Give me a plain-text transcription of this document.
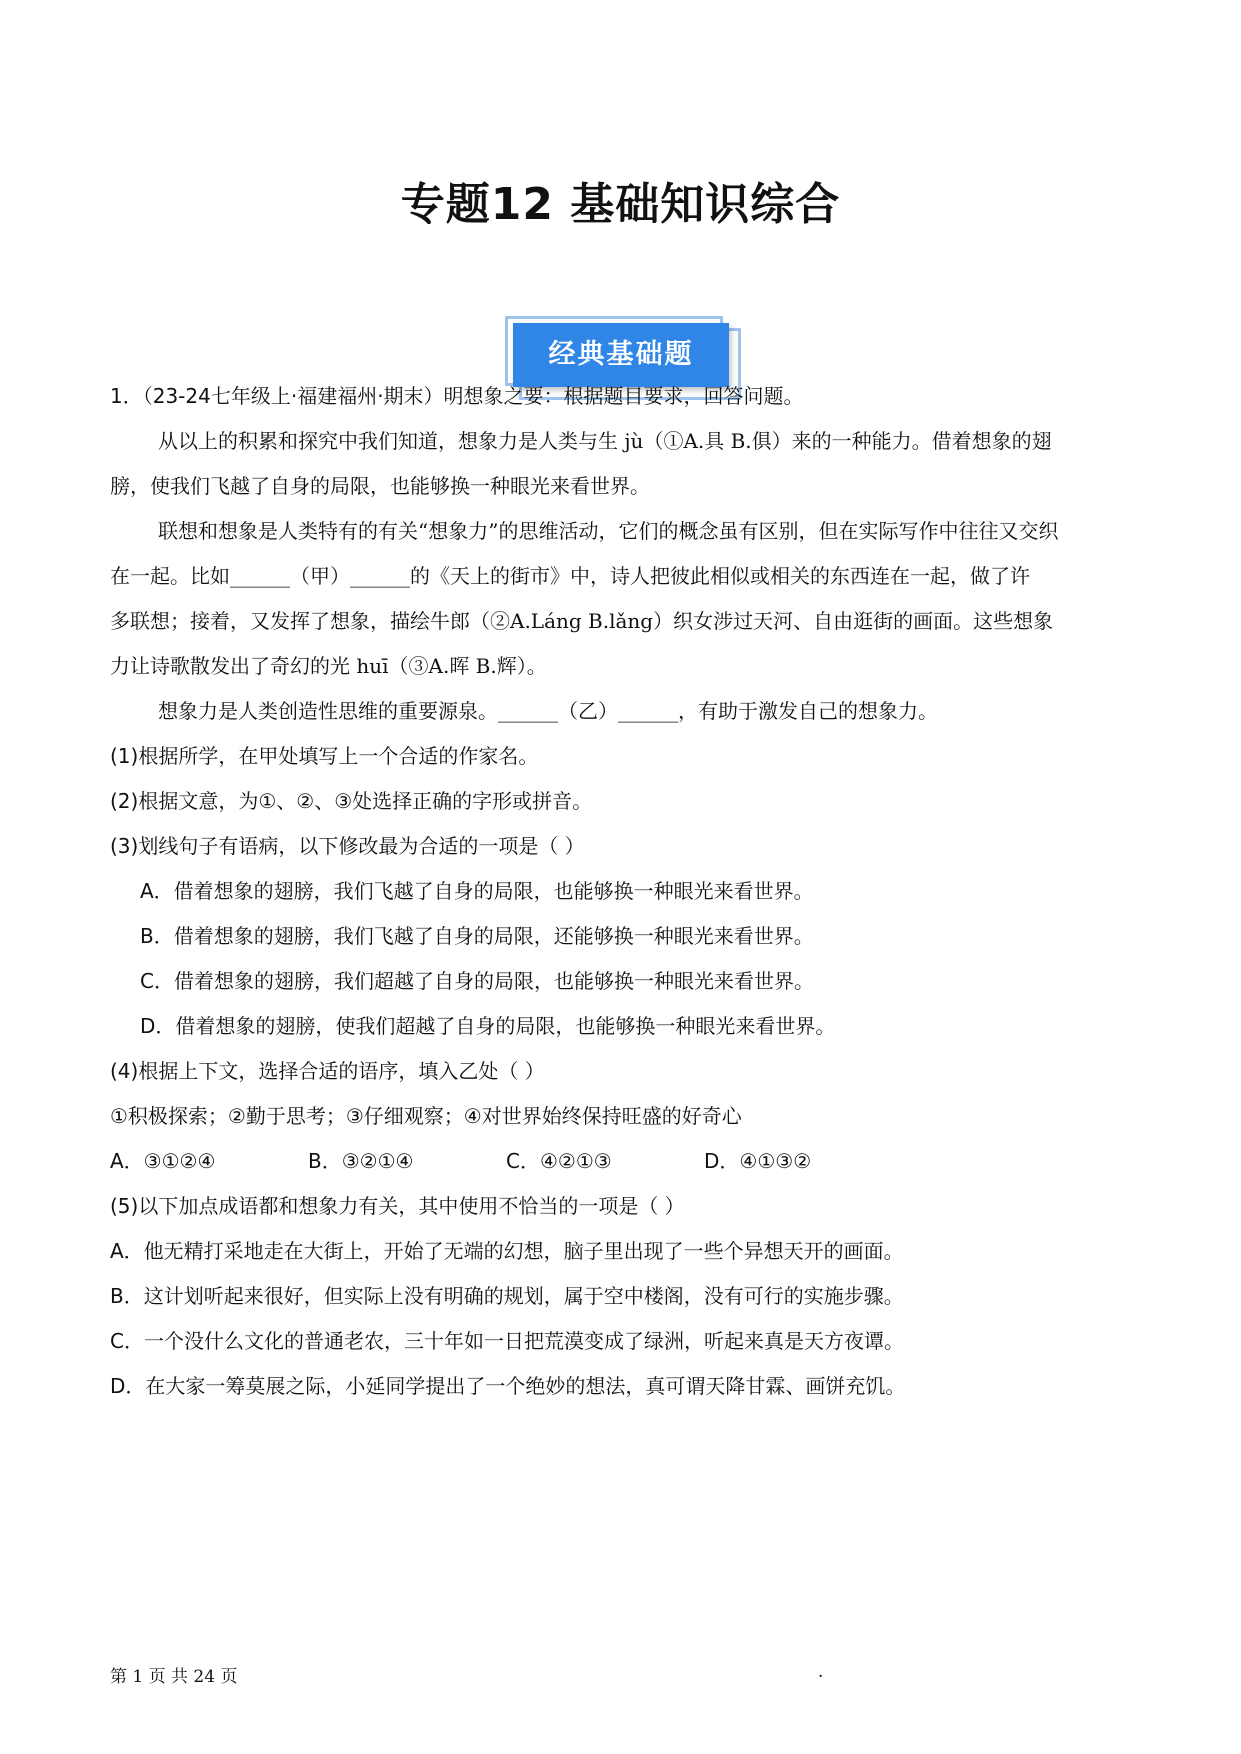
专题12 基础知识综合
经典基础题
1．（23-24七年级上·福建福州·期末）明想象之要：根据题目要求，回答问题。
从以上的积累和探究中我们知道，想象力是人类与生 jù（①A.具 B.俱）来的一种能力。借着想象的翅
膀，使我们飞越了自身的局限，也能够换一种眼光来看世界。
联想和想象是人类特有的有关“想象力”的思维活动，它们的概念虽有区别，但在实际写作中往往又交织
在一起。比如______（甲）______的《天上的街市》中，诗人把彼此相似或相关的东西连在一起，做了许
多联想；接着，又发挥了想象，描绘牛郎（②A.Láng B.lǎng）织女涉过天河、自由逛街的画面。这些想象
力让诗歌散发出了奇幻的光 huī（③A.晖 B.辉）。
想象力是人类创造性思维的重要源泉。______（乙）______，有助于激发自己的想象力。
(1)根据所学，在甲处填写上一个合适的作家名。
(2)根据文意，为①、②、③处选择正确的字形或拼音。
(3)划线句子有语病，以下修改最为合适的一项是（ ）
A．借着想象的翅膀，我们飞越了自身的局限，也能够换一种眼光来看世界。
B．借着想象的翅膀，我们飞越了自身的局限，还能够换一种眼光来看世界。
C．借着想象的翅膀，我们超越了自身的局限，也能够换一种眼光来看世界。
D．借着想象的翅膀，使我们超越了自身的局限，也能够换一种眼光来看世界。
(4)根据上下文，选择合适的语序，填入乙处（ ）
①积极探索；②勤于思考；③仔细观察；④对世界始终保持旺盛的好奇心
A．③①②④	B．③②①④	C．④②①③	D．④①③②
(5)以下加点成语都和想象力有关，其中使用不恰当的一项是（ ）
A．他无精打采地走在大街上，开始了无端的幻想，脑子里出现了一些个异想天开的画面。
B．这计划听起来很好，但实际上没有明确的规划，属于空中楼阁，没有可行的实施步骤。
C．一个没什么文化的普通老农，三十年如一日把荒漠变成了绿洲，听起来真是天方夜谭。
D．在大家一筹莫展之际，小延同学提出了一个绝妙的想法，真可谓天降甘霖、画饼充饥。
第 1 页 共 24 页	.
